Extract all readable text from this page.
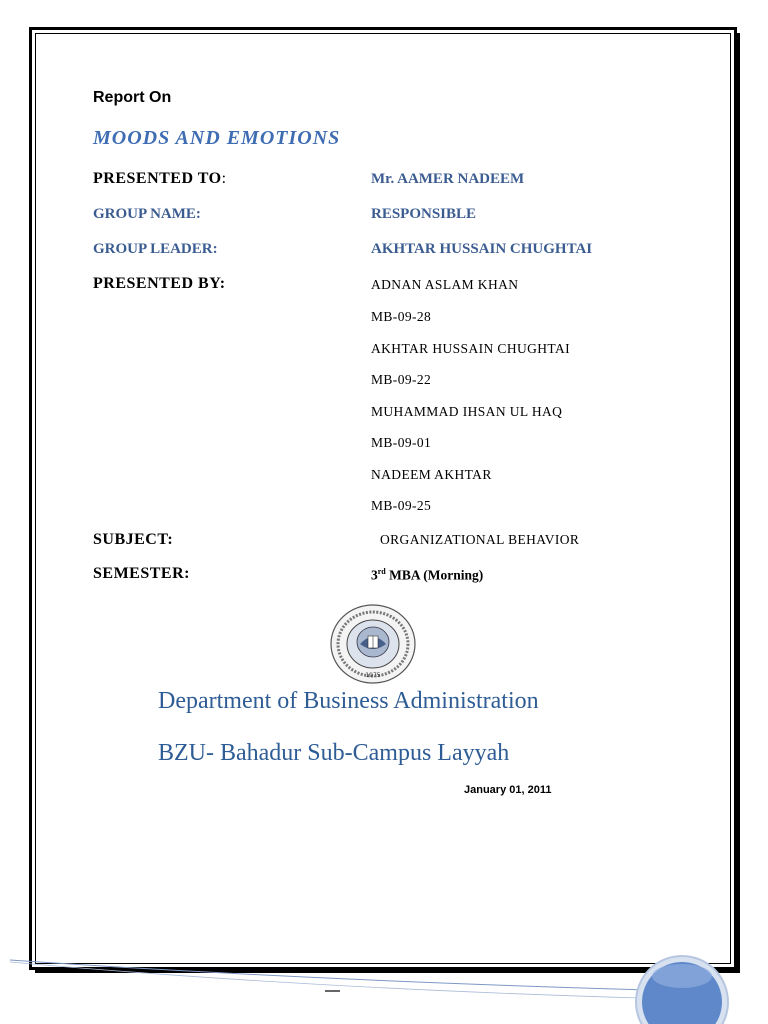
Report On
MOODS AND EMOTIONS
PRESENTED TO:	Mr. AAMER NADEEM
GROUP NAME:	RESPONSIBLE
GROUP LEADER:	AKHTAR HUSSAIN CHUGHTAI
PRESENTED BY:	ADNAN ASLAM KHAN
MB-09-28
AKHTAR HUSSAIN CHUGHTAI
MB-09-22
MUHAMMAD IHSAN UL HAQ
MB-09-01
NADEEM AKHTAR
MB-09-25
SUBJECT:	ORGANIZATIONAL BEHAVIOR
SEMESTER:	3rd MBA (Morning)
1975
Department of Business Administration
BZU- Bahadur Sub-Campus Layyah
January 01, 2011
